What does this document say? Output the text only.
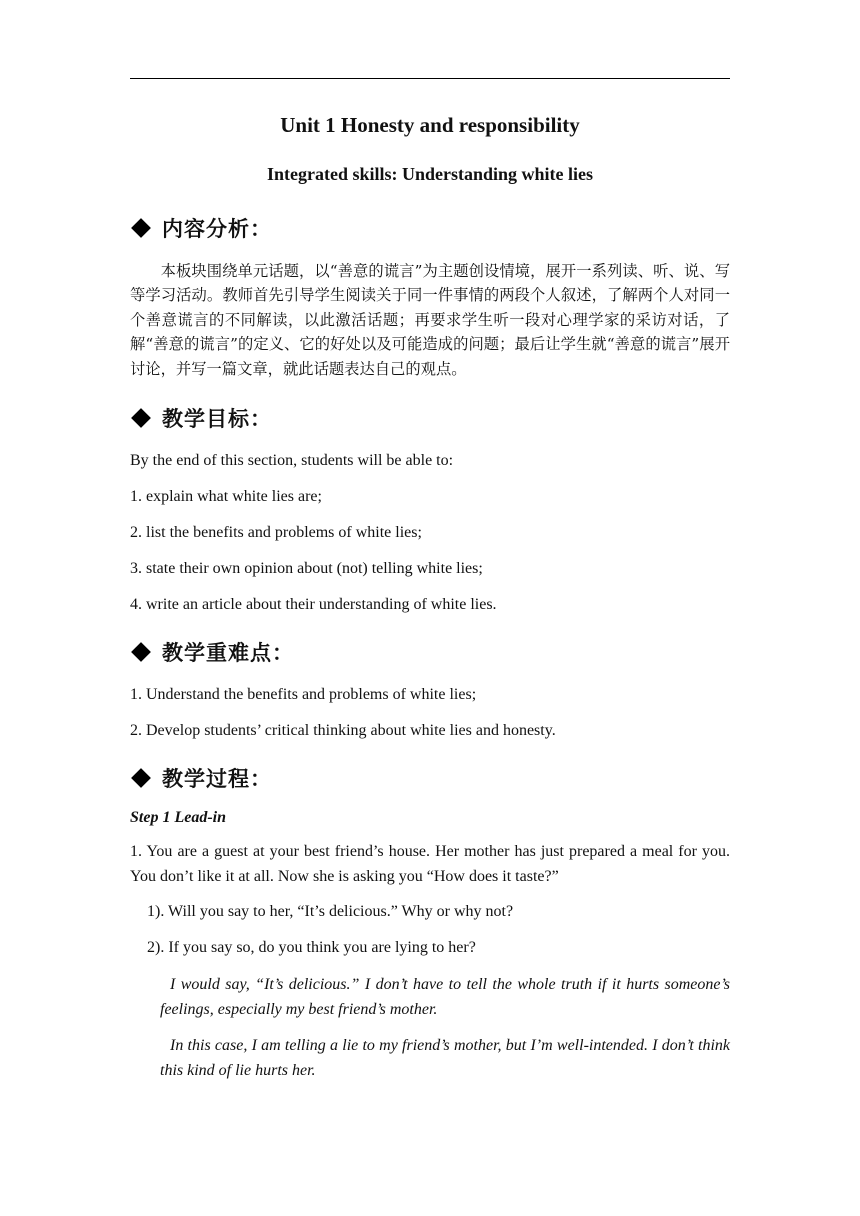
Unit 1 Honesty and responsibility
Integrated skills: Understanding white lies
内容分析：

本板块围绕单元话题，以“善意的谎言”为主题创设情境，展开一系列读、听、说、写等学习活动。教师首先引导学生阅读关于同一件事情的两段个人叙述，了解两个人对同一个善意谎言的不同解读，以此激活话题；再要求学生听一段对心理学家的采访对话，了解“善意的谎言”的定义、它的好处以及可能造成的问题；最后让学生就“善意的谎言”展开讨论，并写一篇文章，就此话题表达自己的观点。

教学目标：
By the end of this section, students will be able to:
1. explain what white lies are;
2. list the benefits and problems of white lies;
3. state their own opinion about (not) telling white lies;
4. write an article about their understanding of white lies.
教学重难点：
1. Understand the benefits and problems of white lies;
2. Develop students’ critical thinking about white lies and honesty.
教学过程：
Step 1 Lead-in

1. You are a guest at your best friend’s house. Her mother has just prepared a meal for you. You don’t like it at all. Now she is asking you “How does it taste?”

1). Will you say to her, “It’s delicious.” Why or why not?
2). If you say so, do you think you are lying to her?

I would say, “It’s delicious.” I don’t have to tell the whole truth if it hurts someone’s feelings, especially my best friend’s mother.

In this case, I am telling a lie to my friend’s mother, but I’m well-intended. I don’t think this kind of lie hurts her.
